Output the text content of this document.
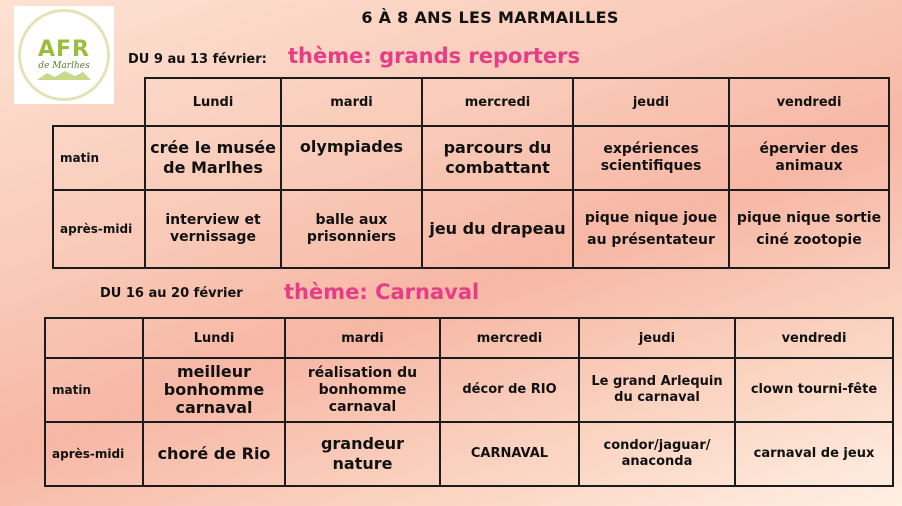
AFR
de Marlhes
6 À 8 ANS LES MARMAILLES
DU 9 au 13 février: thème: grands reporters
	Lundi	mardi	mercredi	jeudi	vendredi
matin	crée le musée de Marlhes	olympiades	parcours du combattant	expériences scientifiques	épervier des animaux
après-midi	interview et vernissage	balle aux prisonniers	jeu du drapeau	pique nique joue au présentateur	pique nique sortie ciné zootopie
DU 16 au 20 février thème: Carnaval
	Lundi	mardi	mercredi	jeudi	vendredi
matin	meilleur bonhomme carnaval	réalisation du bonhomme carnaval	décor de RIO	Le grand Arlequin du carnaval	clown tourni-fête
après-midi	choré de Rio	grandeur nature	CARNAVAL	condor/jaguar/ anaconda	carnaval de jeux
